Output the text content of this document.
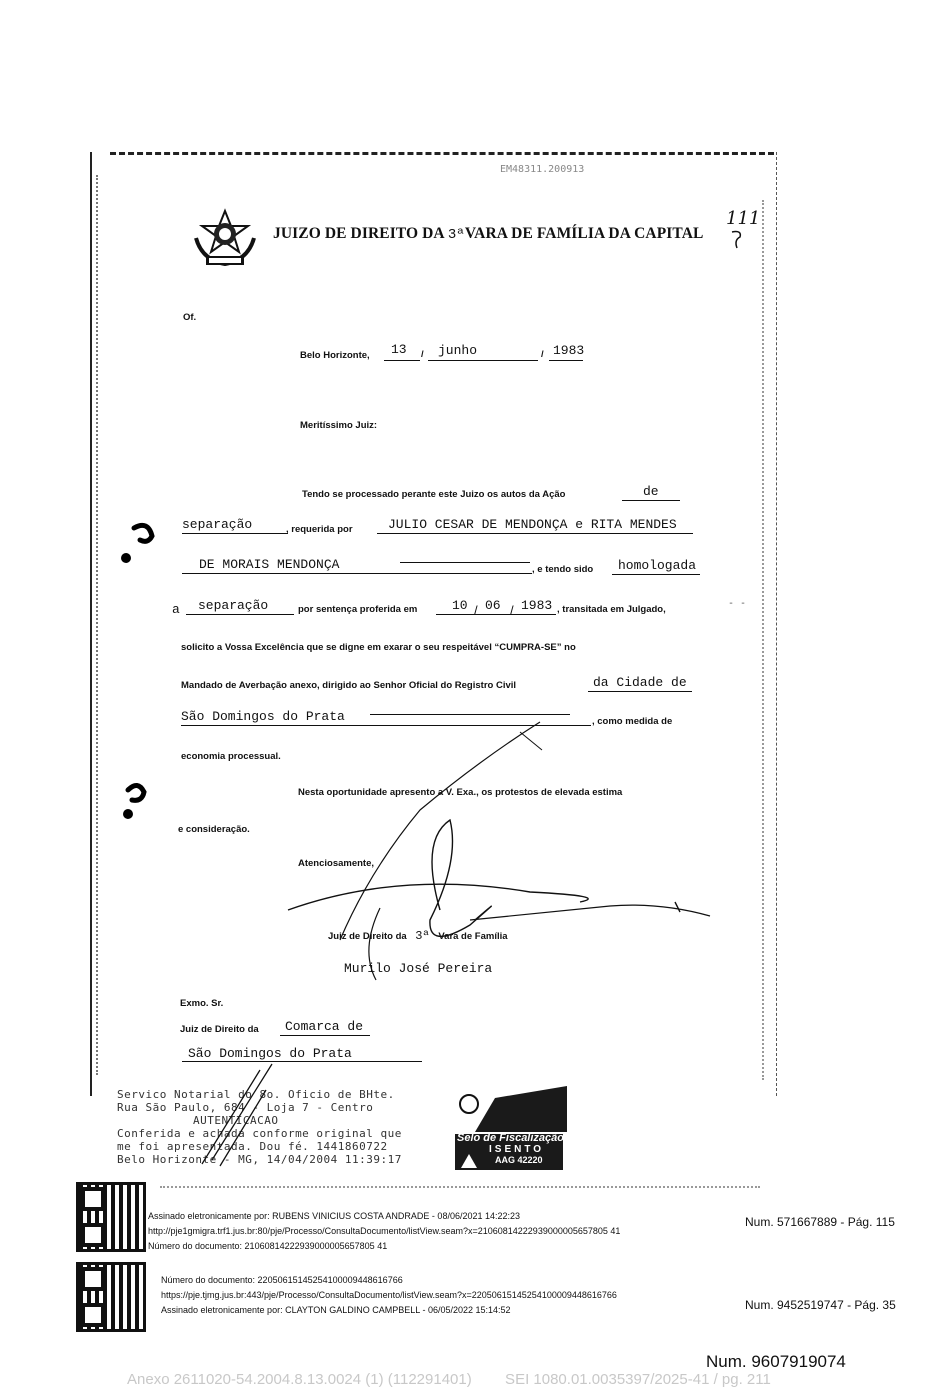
EM48311.200913
JUIZO DE DIREITO DA 3ªVARA DE FAMÍLIA DA CAPITAL
111
Of.
Belo Horizonte, 13 / junho	/ 1983
Meritíssimo Juiz:
Tendo se processado perante este Juizo os autos da Ação	de
separação	, requerida por	JULIO CESAR DE MENDONÇA e RITA MENDES
DE MORAIS MENDONÇA	, e tendo sido homologada
a separação	por sentença proferida em	10 / 06 / 1983 , transitada em Julgado,
- -
solicito a Vossa Excelência que se digne em exarar o seu respeitável “CUMPRA-SE” no
Mandado de Averbação anexo, dirigido ao Senhor Oficial do Registro Civil	da Cidade de
São Domingos do Prata	, como medida de
economia processual.
Nesta oportunidade apresento a V. Exa., os protestos de elevada estima
e consideração.
Atenciosamente,
Juiz de Direito da 3ª Vara de Família
Murilo José Pereira
Exmo. Sr.
Juiz de Direito da Comarca de
São Domingos do Prata
Servico Notarial do 8o. Oficio de BHte.
Rua São Paulo, 684 - Loja 7 - Centro
AUTENTICACAO
Conferida e achada conforme original que
me foi apresentada. Dou fé. 1441860722
Belo Horizonte - MG, 14/04/2004 11:39:17
Selo de Fiscalização
ISENTO
AAG 42220
Assinado eletronicamente por: RUBENS VINICIUS COSTA ANDRADE - 08/06/2021 14:22:23
http://pje1gmigra.trf1.jus.br:80/pje/Processo/ConsultaDocumento/listView.seam?x=21060814222939000005657805 41
Número do documento: 21060814222939000005657805 41
Num. 571667889 - Pág. 115
Número do documento: 22050615145254100009448616766
https://pje.tjmg.jus.br:443/pje/Processo/ConsultaDocumento/listView.seam?x=22050615145254100009448616766
Assinado eletronicamente por: CLAYTON GALDINO CAMPBELL - 06/05/2022 15:14:52	Num. 9452519747 - Pág. 35
Num. 9607919074
Anexo 2611020-54.2004.8.13.0024 (1) (112291401)        SEI 1080.01.0035397/2025-41 / pg. 211
